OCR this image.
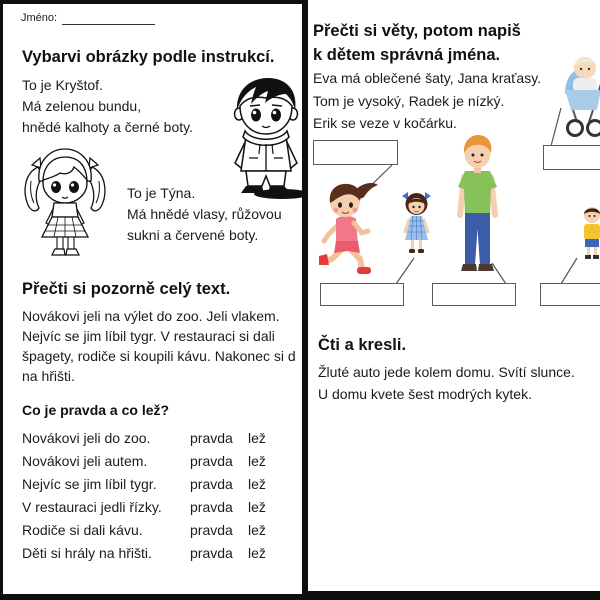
Jméno:
Vybarvi obrázky podle instrukcí.
To je Kryštof.
Má zelenou bundu,
hnědé kalhoty a černé boty.
To je Týna.
Má hnědé vlasy, růžovou
sukni a červené boty.
Přečti si pozorně celý text.
Novákovi jeli na výlet do zoo. Jeli vlakem.
Nejvíc se jim líbil tygr. V restauraci si dali
špagety, rodiče si koupili kávu. Nakonec si d
na hřišti.
Co je pravda a co lež?
Novákovi jeli do zoo.	pravda lež
Novákovi jeli autem.	pravda lež
Nejvíc se jim líbil tygr. pravda lež
V restauraci jedli řízky. pravda lež
Rodiče si dali kávu.	pravda lež
Děti si hrály na hřišti.	pravda lež
Přečti si věty, potom napiš
k dětem správná jména.
Eva má oblečené šaty, Jana kraťasy.
Tom je vysoký, Radek je nízký.
Erik se veze v kočárku.
Čti a kresli.
Žluté auto jede kolem domu. Svítí slunce.
U domu kvete šest modrých kytek.
